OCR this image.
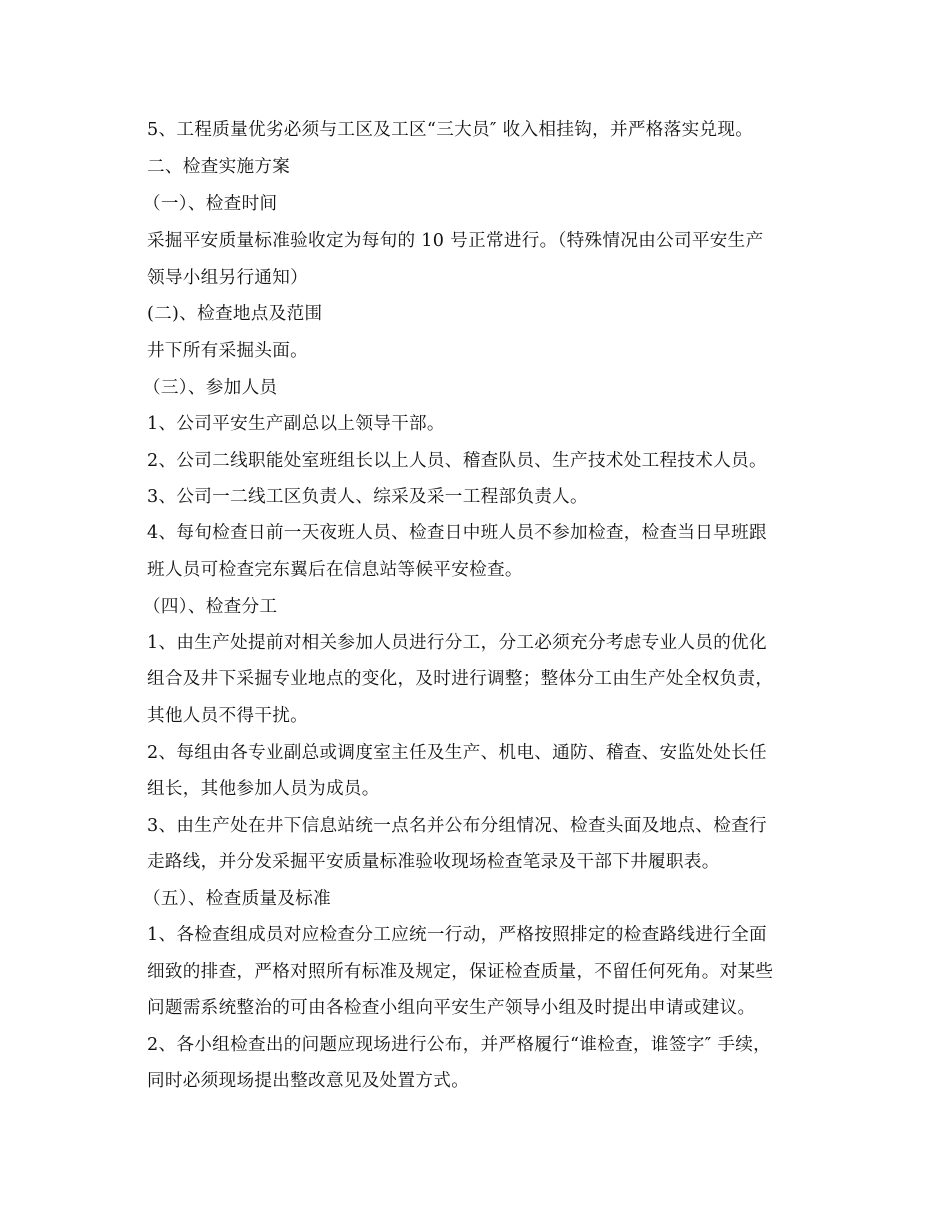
5、工程质量优劣必须与工区及工区“三大员″ 收入相挂钩，并严格落实兑现。

二、检查实施方案

（一）、检查时间

采掘平安质量标准验收定为每旬的 10 号正常进行。（特殊情况由公司平安生产

领导小组另行通知）

(二)、检查地点及范围

井下所有采掘头面。

（三）、参加人员

1、公司平安生产副总以上领导干部。

2、公司二线职能处室班组长以上人员、稽查队员、生产技术处工程技术人员。

3、公司一二线工区负责人、综采及采一工程部负责人。

4、每旬检查日前一天夜班人员、检查日中班人员不参加检查，检查当日早班跟

班人员可检查完东翼后在信息站等候平安检查。

（四）、检查分工

1、由生产处提前对相关参加人员进行分工，分工必须充分考虑专业人员的优化

组合及井下采掘专业地点的变化，及时进行调整；整体分工由生产处全权负责，

其他人员不得干扰。

2、每组由各专业副总或调度室主任及生产、机电、通防、稽查、安监处处长任

组长，其他参加人员为成员。

3、由生产处在井下信息站统一点名并公布分组情况、检查头面及地点、检查行

走路线，并分发采掘平安质量标准验收现场检查笔录及干部下井履职表。

（五）、检查质量及标准

1、各检查组成员对应检查分工应统一行动，严格按照排定的检查路线进行全面

细致的排查，严格对照所有标准及规定，保证检查质量，不留任何死角。对某些

问题需系统整治的可由各检查小组向平安生产领导小组及时提出申请或建议。

2、各小组检查出的问题应现场进行公布，并严格履行“谁检查，谁签字″ 手续，

同时必须现场提出整改意见及处置方式。
